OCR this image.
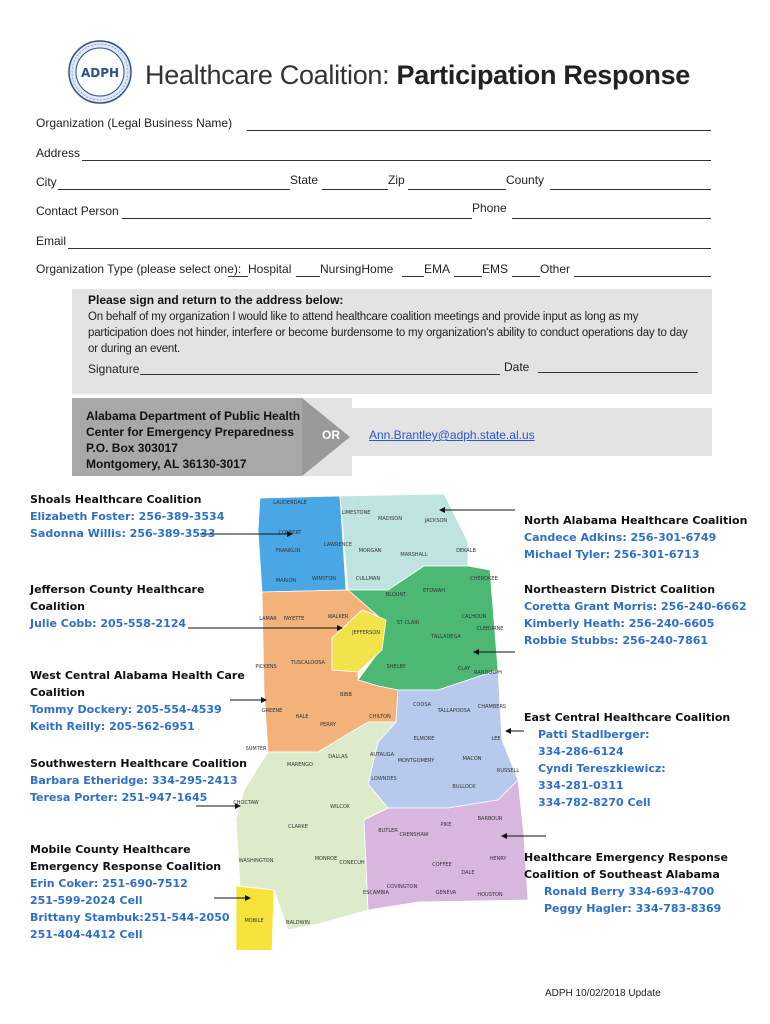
ADPH Healthcare Coalition: Participation Response
Organization (Legal Business Name)
Address
City	State	Zip	County
Contact Person	Phone
Email
Organization Type (please select one): Hospital NursingHome	EMA	EMS	Other
Please sign and return to the address below:
On behalf of my organization I would like to attend healthcare coalition meetings and provide input as long as my participation does not hinder, interfere or become burdensome to my organization's ability to conduct operations day to day or during an event.
Signature	Date
Alabama Department of Public Health
Center for Emergency Preparedness
P.O. Box 303017
Montgomery, AL 36130-3017
OR Ann.Brantley@adph.state.al.us
LAUDERDALE
LIMESTONE
MADISON	JACKSON
COLBERT
LAWRENCE
MORGAN
MARSHALL
DEKALB
FRANKLIN
WINSTON	CULLMAN	CHEROKEE
ETOWAH
MARION
BLOUNT
LAMAR FAYETTE	WALKER
ST CLAIR
CALHOUN
JEFFERSON
PICKENS
TUSCALOOSA
TALLADEGA
CLEBURNE
SHELBY	CLAY
RANDOLPH
BIBB
GREENE
HALE	CHILTON
COOSA
TALLAPOOSA
CHAMBERS
PERRY
SUMTER
DALLAS	AUTAUGA
ELMORE	LEE
MACON
MONTGOMERY
RUSSELL
LOWNDES
BULLOCK
MARENGO
WILCOX
CHOCTAW
CLARKE
BUTLER
CRENSHAW
PIKE
BARBOUR
MONROE
CONECUH	COFFEE
DALE
HENRY
COVINGTON
GENEVA	HOUSTON
WASHINGTON
ESCAMBIA
MOBILE	BALDWIN
Shoals Healthcare Coalition
Elizabeth Foster: 256-389-3534
Sadonna Willis: 256-389-3533
Jefferson County Healthcare
Coalition
Julie Cobb: 205-558-2124
West Central Alabama Health Care
Coalition
Tommy Dockery: 205-554-4539
Keith Reilly: 205-562-6951
Southwestern Healthcare Coalition
Barbara Etheridge: 334-295-2413
Teresa Porter: 251-947-1645
Mobile County Healthcare
Emergency Response Coalition
Erin Coker: 251-690-7512
251-599-2024 Cell
Brittany Stambuk:251-544-2050
251-404-4412 Cell
North Alabama Healthcare Coalition
Candece Adkins: 256-301-6749
Michael Tyler: 256-301-6713
Northeastern District Coalition
Coretta Grant Morris: 256-240-6662
Kimberly Heath: 256-240-6605
Robbie Stubbs: 256-240-7861
East Central Healthcare Coalition
Patti Stadlberger:
334-286-6124
Cyndi Tereszkiewicz:
334-281-0311
334-782-8270 Cell
Healthcare Emergency Response
Coalition of Southeast Alabama
Ronald Berry 334-693-4700
Peggy Hagler: 334-783-8369
ADPH 10/02/2018 Update
